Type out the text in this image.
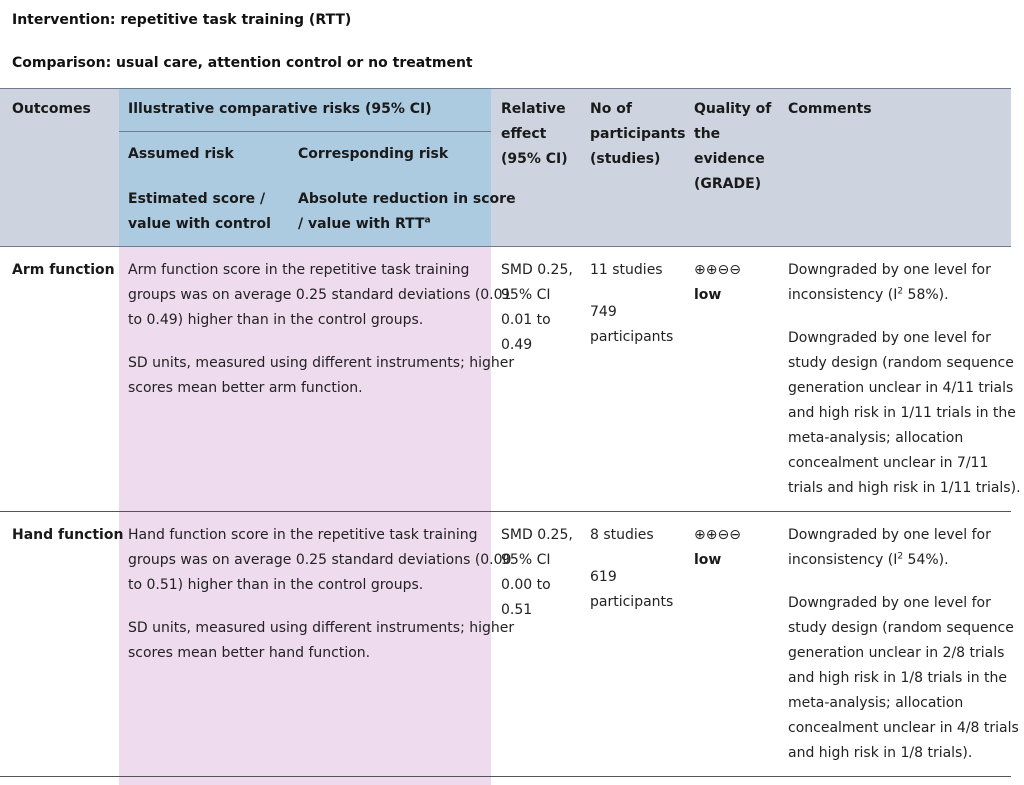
Intervention: repetitive task training (RTT)
Comparison: usual care, attention control or no treatment
Outcomes	Illustrative comparative risks (95% CI)
Assumed risk	Corresponding risk
Estimated score /
value with control
Absolute reduction in score
/ value with RTT$^a$
Relative
effect
(95% CI)
No of
participants
(studies)
Quality of
the
evidence
(GRADE)
Comments
Arm function Arm function score in the repetitive task training
groups was on average 0.25 standard deviations (0.01
to 0.49) higher than in the control groups.
SD units, measured using different instruments; higher
scores mean better arm function.
SMD 0.25,
95% CI
0.01 to
0.49
11 studies
749
participants
⊕⊕⊖⊖
low
Downgraded by one level for
inconsistency ($I^2$ 58%).
Downgraded by one level for
study design (random sequence
generation unclear in 4/11 trials
and high risk in 1/11 trials in the
meta-analysis; allocation
concealment unclear in 7/11
trials and high risk in 1/11 trials).
Hand function Hand function score in the repetitive task training
groups was on average 0.25 standard deviations (0.00
to 0.51) higher than in the control groups.
SD units, measured using different instruments; higher
scores mean better hand function.
SMD 0.25,
95% CI
0.00 to
0.51
8 studies
619
participants
⊕⊕⊖⊖
low
Downgraded by one level for
inconsistency ($I^2$ 54%).
Downgraded by one level for
study design (random sequence
generation unclear in 2/8 trials
and high risk in 1/8 trials in the
meta-analysis; allocation
concealment unclear in 4/8 trials
and high risk in 1/8 trials).
